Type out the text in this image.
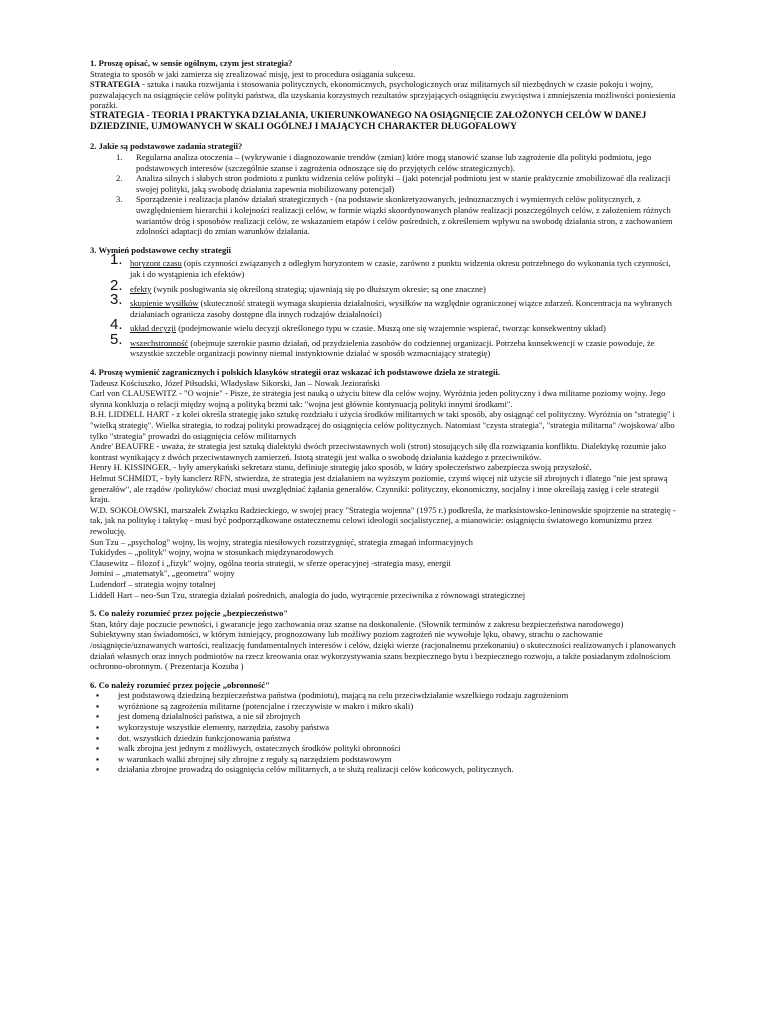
1. Proszę opisać, w sensie ogólnym, czym jest strategia?

Strategia to sposób w jaki zamierza się zrealizować misję, jest to procedura osiągania sukcesu.

STRATEGIA - sztuka i nauka rozwijania i stosowania politycznych, ekonomicznych, psychologicznych oraz militarnych sił niezbędnych w czasie pokoju i wojny, pozwalających na osiągnięcie celów polityki państwa, dla uzyskania korzystnych rezultatów sprzyjających osiągnięciu zwycięstwa i zmniejszenia możliwości poniesienia porażki.

STRATEGIA - TEORIA I PRAKTYKA DZIAŁANIA, UKIERUNKOWANEGO NA OSIĄGNIĘCIE ZAŁOŻONYCH CELÓW W DANEJ DZIEDZINIE, UJMOWANYCH W SKALI OGÓLNEJ I MAJĄCYCH CHARAKTER DŁUGOFALOWY

2. Jakie są podstawowe zadania strategii?

1. Regularna analiza otoczenia – (wykrywanie i diagnozowanie trendów (zmian) które mogą stanowić szanse lub zagrożenie dla polityki podmiotu, jego podstawowych interesów (szczególnie szanse i zagrożenia odnoszące się do przyjętych celów strategicznych).
2. Analiza silnych i słabych stron podmiotu z punktu widzenia celów polityki – (jaki potencjał podmiotu jest w stanie praktycznie zmobilizować dla realizacji swojej polityki, jaką swobodę działania zapewnia mobilizowany potencjał)
3. Sporządzenie i realizacja planów działań strategicznych - (na podstawie skonkretyzowanych, jednoznacznych i wymiernych celów politycznych, z uwzględnieniem hierarchii i kolejności realizacji celów, w formie wiązki skoordynowanych planów realizacji poszczególnych celów, z założeniem różnych wariantów dróg i sposobów realizacji celów, ze wskazaniem etapów i celów pośrednich, z określeniem wpływu na swobodę działania stron, z zachowaniem zdolności adaptacji do zmian warunków działania.

3. Wymień podstawowe cechy strategii

1. horyzont czasu (opis czynności związanych z odległym horyzontem w czasie, zarówno z punktu widzenia okresu potrzebnego do wykonania tych czynności, jak i do wystąpienia ich efektów)
2. efekty (wynik posługiwania się określoną strategią; ujawniają się po dłuższym okresie; są one znaczne)
3. skupienie wysiłków (skuteczność strategii wymaga skupienia działalności, wysiłków na względnie ograniczonej wiązce zdarzeń. Koncentracja na wybranych działaniach ogranicza zasoby dostępne dla innych rodzajów działalności)
4. układ decyzji (podejmowanie wielu decyzji określonego typu w czasie. Muszą one się wzajemnie wspierać, tworząc konsekwentny układ)
5. wszechstronność (obejmuje szerokie pasmo działań, od przydzielenia zasobów do codziennej organizacji. Potrzeba konsekwencji w czasie powoduje, że wszystkie szczeble organizacji powinny niemal instynktownie działać w sposób wzmacniający strategię)

4. Proszę wymienić zagranicznych i polskich klasyków strategii oraz wskazać ich podstawowe dzieła ze strategii.

Tadeusz Kościuszko, Józef Piłsudski, Władysław Sikorski, Jan – Nowak Jeziorański

Carl von CLAUSEWITZ - "O wojnie" - Pisze, że strategia jest nauką o użyciu bitew dla celów wojny. Wyróżnia jeden polityczny i dwa militarne poziomy wojny. Jego słynna konkluzja o relacji między wojną a polityką brzmi tak: "wojna jest głównie kontynuacją polityki innymi środkami".

B.H. LIDDELL HART - z kolei określa strategię jako sztukę rozdziału i użycia środków militarnych w taki sposób, aby osiągnąć cel polityczny. Wyróżnia on "strategię" i "wielką strategię". Wielka strategia, to rodzaj polityki prowadzącej do osiągnięcia celów politycznych. Natomiast "czysta strategia", "strategia militarna" /wojskowa/ albo tylko "strategia" prowadzi do osiągnięcia celów militarnych

Andre' BEAUFRE - uważa, że strategia jest sztuką dialektyki dwóch przeciwstawnych woli (stron) stosujących siłę dla rozwiązania konfliktu. Dialektykę rozumie jako kontrast wynikający z dwóch przeciwstawnych zamierzeń. Istotą strategii jest walka o swobodę działania każdego z przeciwników.

Henry H. KISSINGER, - były amerykański sekretarz stanu, definiuje strategię jako sposób, w który społeczeństwo zabezpiecza swoją przyszłość.

Helmut SCHMIDT, - były kanclerz RFN, stwierdza, że strategia jest działaniem na wyższym poziomie, czymś więcej niż użycie sił zbrojnych i dlatego "nie jest sprawą generałów", ale rządów /polityków/ chociaż musi uwzględniać żądania generałów. Czynniki: polityczny, ekonomiczny, socjalny i inne określają zasięg i cele strategii kraju.

W.D. SOKOŁOWSKI, marszałek Związku Radzieckiego, w swojej pracy "Strategia wojenna" (1975 r.) podkreśla, że marksistowsko-leninowskie spojrzenie na strategię - tak, jak na politykę i taktykę - musi być podporządkowane ostatecznemu celowi ideologii socjalistycznej, a mianowicie: osiągnięciu światowego komunizmu przez rewolucję.

Sun Tzu – „psycholog" wojny, lis wojny, strategia niesiłowych rozstrzygnięć, strategia zmagań informacyjnych

Tukidydes – „polityk" wojny, wojna w stosunkach międzynarodowych

Clausewitz – filozof i „fizyk" wojny, ogólna teoria strategii, w sferze operacyjnej -strategia masy, energii

Jomini – „matematyk", „geometra" wojny

Ludendorf – strategia wojny totalnej

Liddell Hart – neo-Sun Tzu, strategia działań pośrednich, analogia do judo, wytrącenie przeciwnika z równowagi strategicznej

5. Co należy rozumieć przez pojęcie „bezpieczeństwo"

Stan, który daje poczucie pewności, i gwarancje jego zachowania oraz szanse na doskonalenie. (Słownik terminów z zakresu bezpieczeństwa narodowego)

Subiektywny stan świadomości, w którym istniejący, prognozowany lub możliwy poziom zagrożeń nie wywołuje lęku, obawy, strachu o zachowanie /osiągnięcie/uznawanych wartości, realizację fundamentalnych interesów i celów, dzięki wierze (racjonalnemu przekonaniu) o skuteczności realizowanych i planowanych działań własnych oraz innych podmiotów na rzecz kreowania oraz wykorzystywania szans bezpiecznego bytu i bezpiecznego rozwoju, a także posiadanym zdolnościom ochronno-obronnym. ( Prezentacja Kozuba )

6. Co należy rozumieć przez pojęcie „obronność"

▪ jest podstawową dziedziną bezpieczeństwa państwa (podmiotu), mającą na celu przeciwdziałanie wszelkiego rodzaju zagrożeniom
▪ wyróżnione są zagrożenia militarne (potencjalne i rzeczywiste w makro i mikro skali)
▪ jest domeną działalności państwa, a nie sił zbrojnych
▪ wykorzystuje wszystkie elementy, narzędzia, zasoby państwa
▪ dot. wszystkich dziedzin funkcjonowania państwa
▪ walk zbrojna jest jednym z możliwych, ostatecznych środków polityki obronności
▪ w warunkach walki zbrojnej siły zbrojne z reguły są narzędziem podstawowym
▪ działania zbrojne prowadzą do osiągnięcia celów militarnych, a te służą realizacji celów końcowych, politycznych.
